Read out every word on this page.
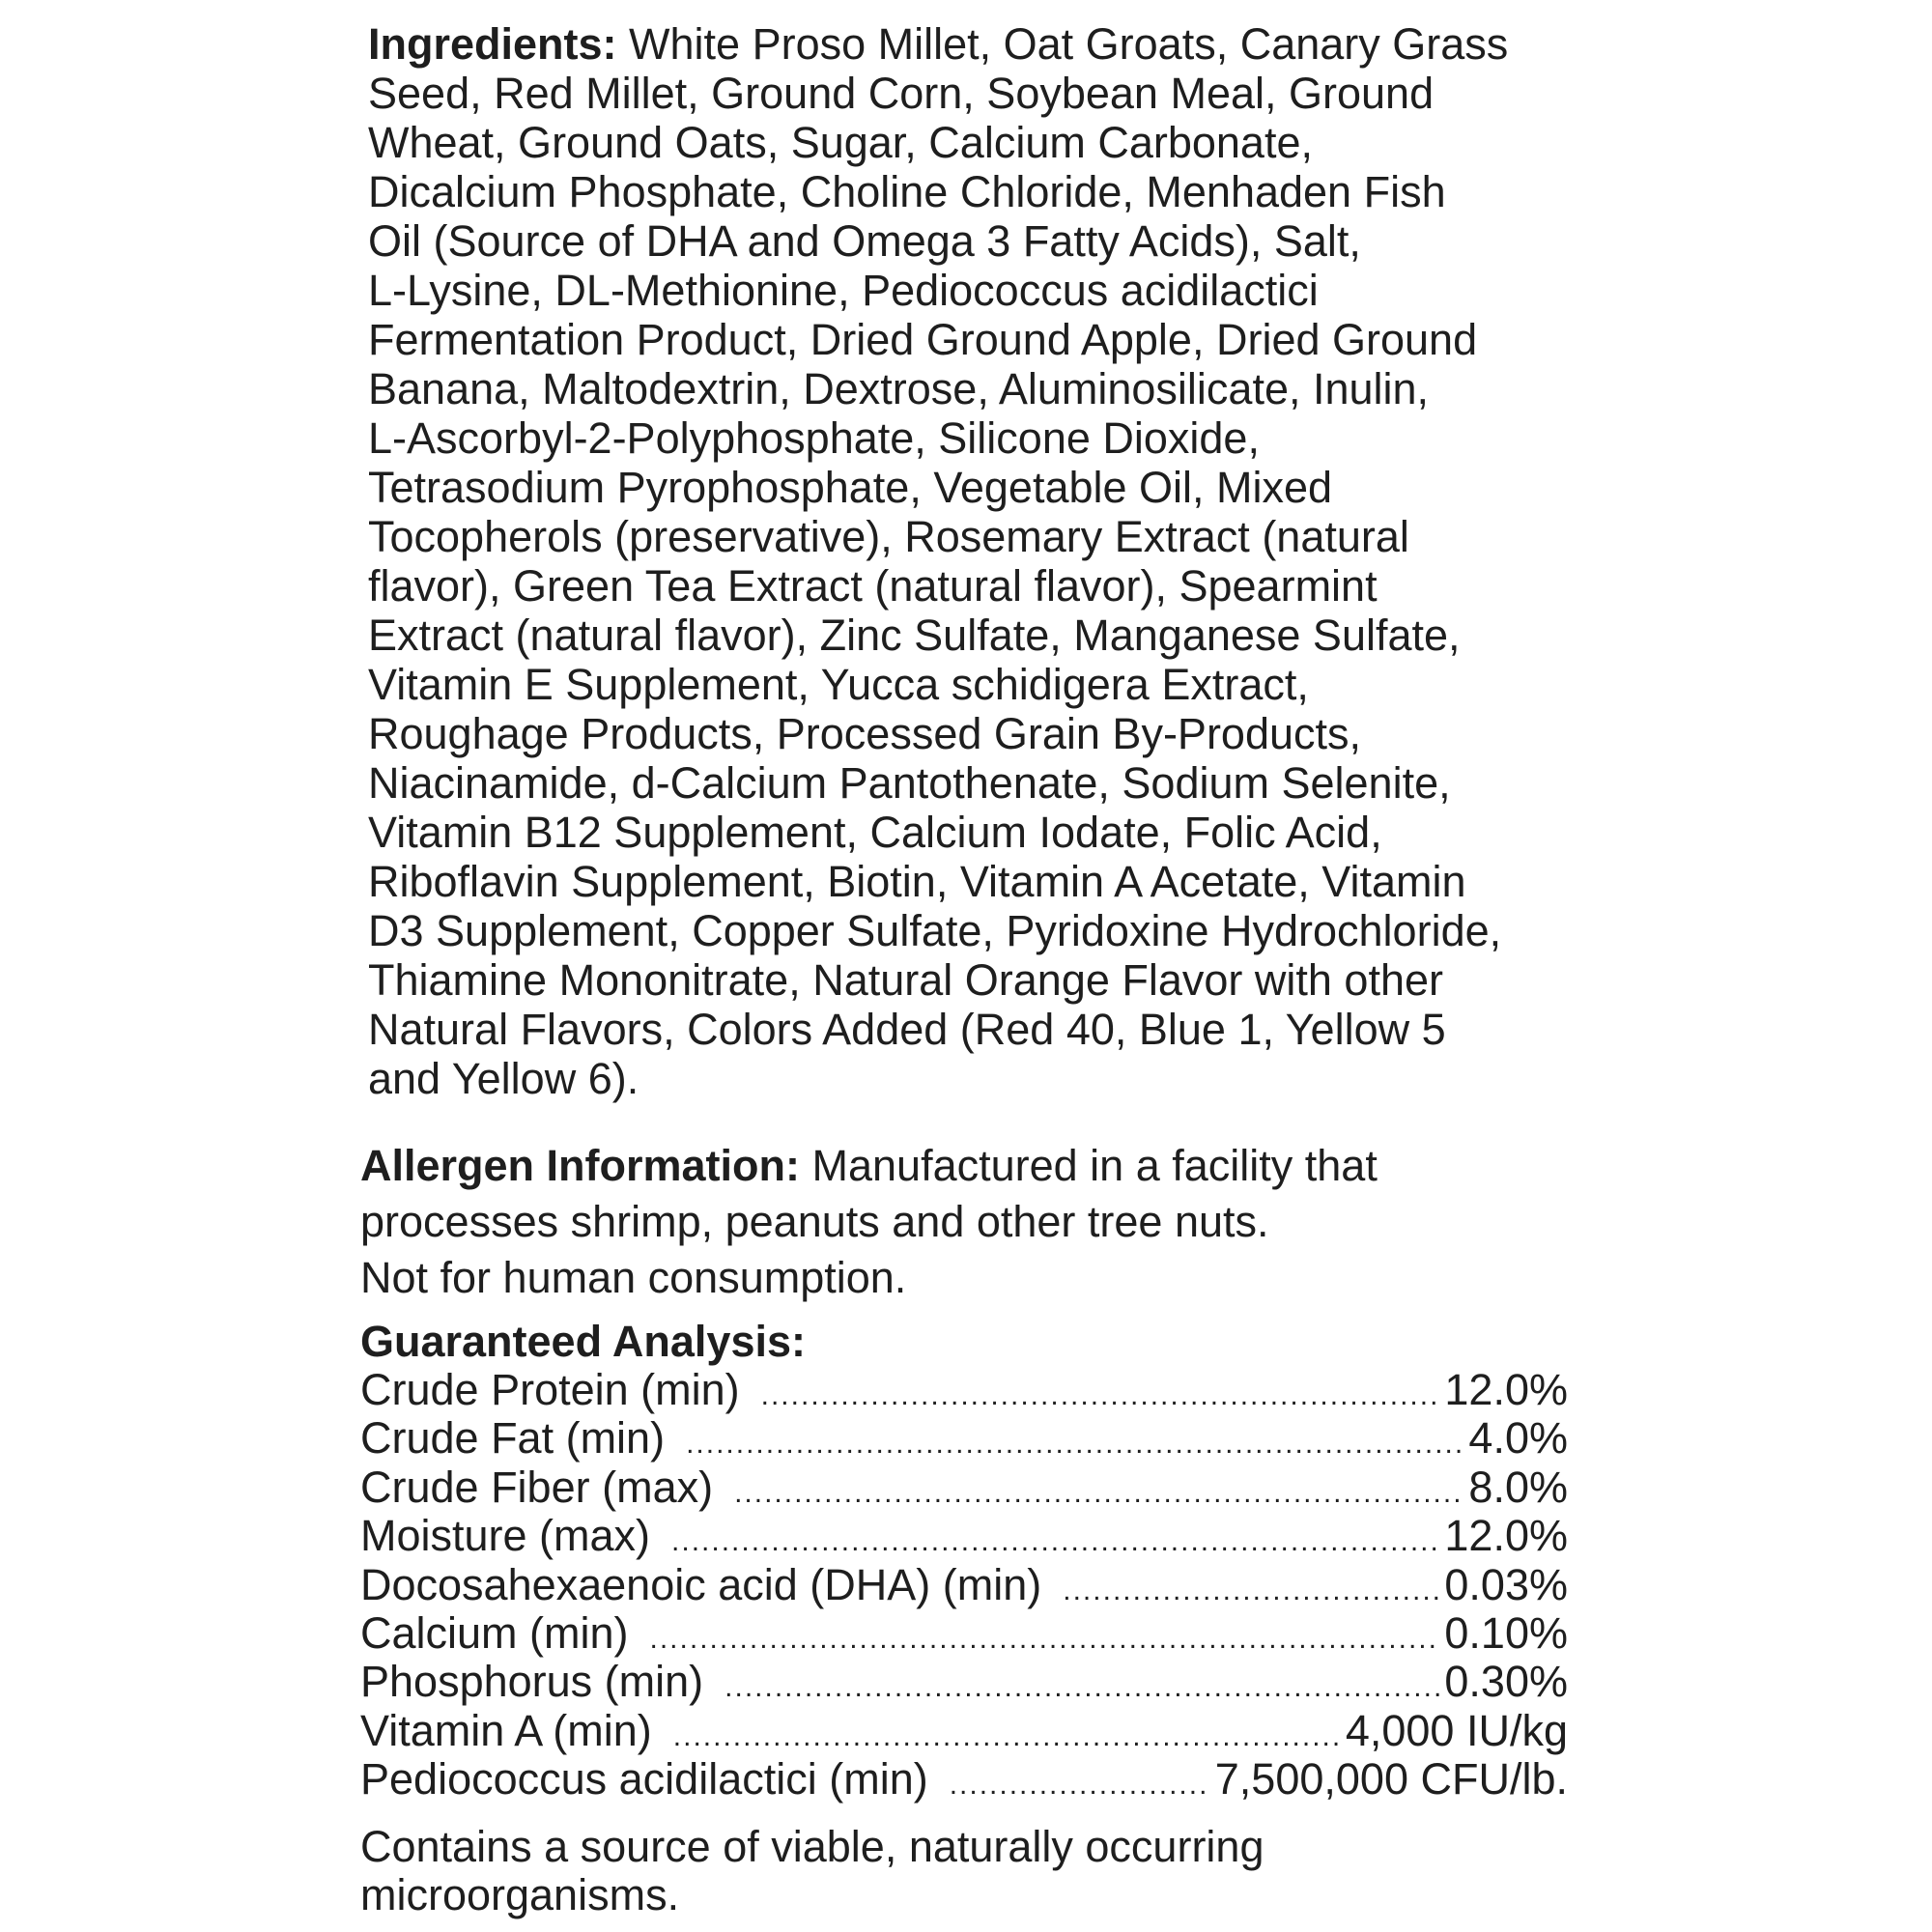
Ingredients: White Proso Millet, Oat Groats, Canary Grass
Seed, Red Millet, Ground Corn, Soybean Meal, Ground
Wheat, Ground Oats, Sugar, Calcium Carbonate,
Dicalcium Phosphate, Choline Chloride, Menhaden Fish
Oil (Source of DHA and Omega 3 Fatty Acids), Salt,
L-Lysine, DL-Methionine, Pediococcus acidilactici
Fermentation Product, Dried Ground Apple, Dried Ground
Banana, Maltodextrin, Dextrose, Aluminosilicate, Inulin,
L-Ascorbyl-2-Polyphosphate, Silicone Dioxide,
Tetrasodium Pyrophosphate, Vegetable Oil, Mixed
Tocopherols (preservative), Rosemary Extract (natural
flavor), Green Tea Extract (natural flavor), Spearmint
Extract (natural flavor), Zinc Sulfate, Manganese Sulfate,
Vitamin E Supplement, Yucca schidigera Extract,
Roughage Products, Processed Grain By-Products,
Niacinamide, d-Calcium Pantothenate, Sodium Selenite,
Vitamin B12 Supplement, Calcium Iodate, Folic Acid,
Riboflavin Supplement, Biotin, Vitamin A Acetate, Vitamin
D3 Supplement, Copper Sulfate, Pyridoxine Hydrochloride,
Thiamine Mononitrate, Natural Orange Flavor with other
Natural Flavors, Colors Added (Red 40, Blue 1, Yellow 5
and Yellow 6).

Allergen Information: Manufactured in a facility that
processes shrimp, peanuts and other tree nuts.
Not for human consumption.
Guaranteed Analysis:
Crude Protein (min) .....	12.0%
Crude Fat (min) .....	4.0%
Crude Fiber (max) .....	8.0%
Moisture (max) .....	12.0%
Docosahexaenoic acid (DHA) (min) .....	0.03%
Calcium (min) .....	0.10%
Phosphorus (min) .....	0.30%
Vitamin A (min) .....	4,000 IU/kg
Pediococcus acidilactici (min) .....	7,500,000 CFU/lb.
Contains a source of viable, naturally occurring
microorganisms.
